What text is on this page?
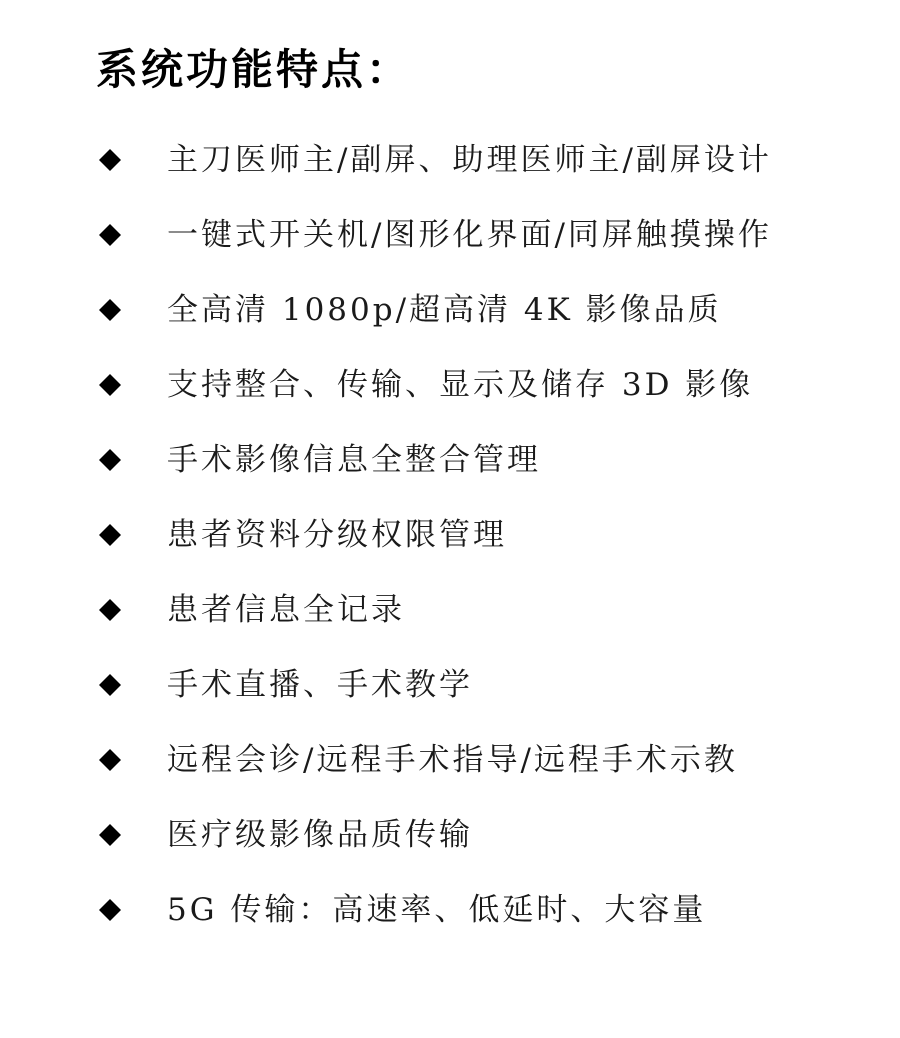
系统功能特点：
主刀医师主/副屏、助理医师主/副屏设计
一键式开关机/图形化界面/同屏触摸操作
全高清 1080p/超高清 4K 影像品质
支持整合、传输、显示及储存 3D 影像
手术影像信息全整合管理
患者资料分级权限管理
患者信息全记录
手术直播、手术教学
远程会诊/远程手术指导/远程手术示教
医疗级影像品质传输
5G 传输：高速率、低延时、大容量
